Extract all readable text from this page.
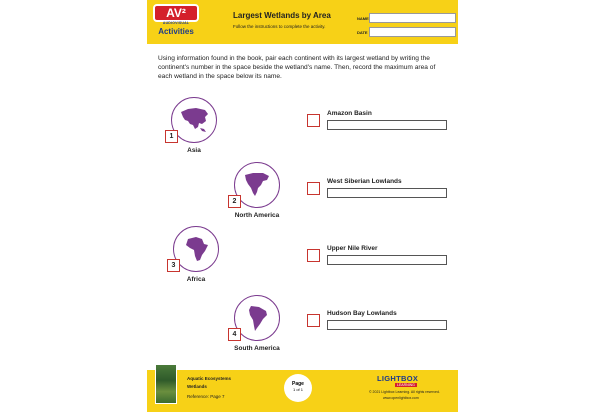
AV²
AUDIOVISUAL
Activities
Largest Wetlands by Area
Follow the instructions to complete the activity.
NAME
DATE
Using information found in the book, pair each continent with its largest wetland by writing the continent's number in the space beside the wetland's name. Then, record the maximum area of each wetland in the space below its name.
1
Asia
2
North America
3
Africa
4
South America
Amazon Basin
West Siberian Lowlands
Upper Nile River
Hudson Bay Lowlands
Aquatic Ecosystems
Wetlands
Reference: Page 7
Page
1 of 1
LIGHTBOX
LEARNING
© 2021 Lightbox Learning. All rights reserved.
www.openlightbox.com
